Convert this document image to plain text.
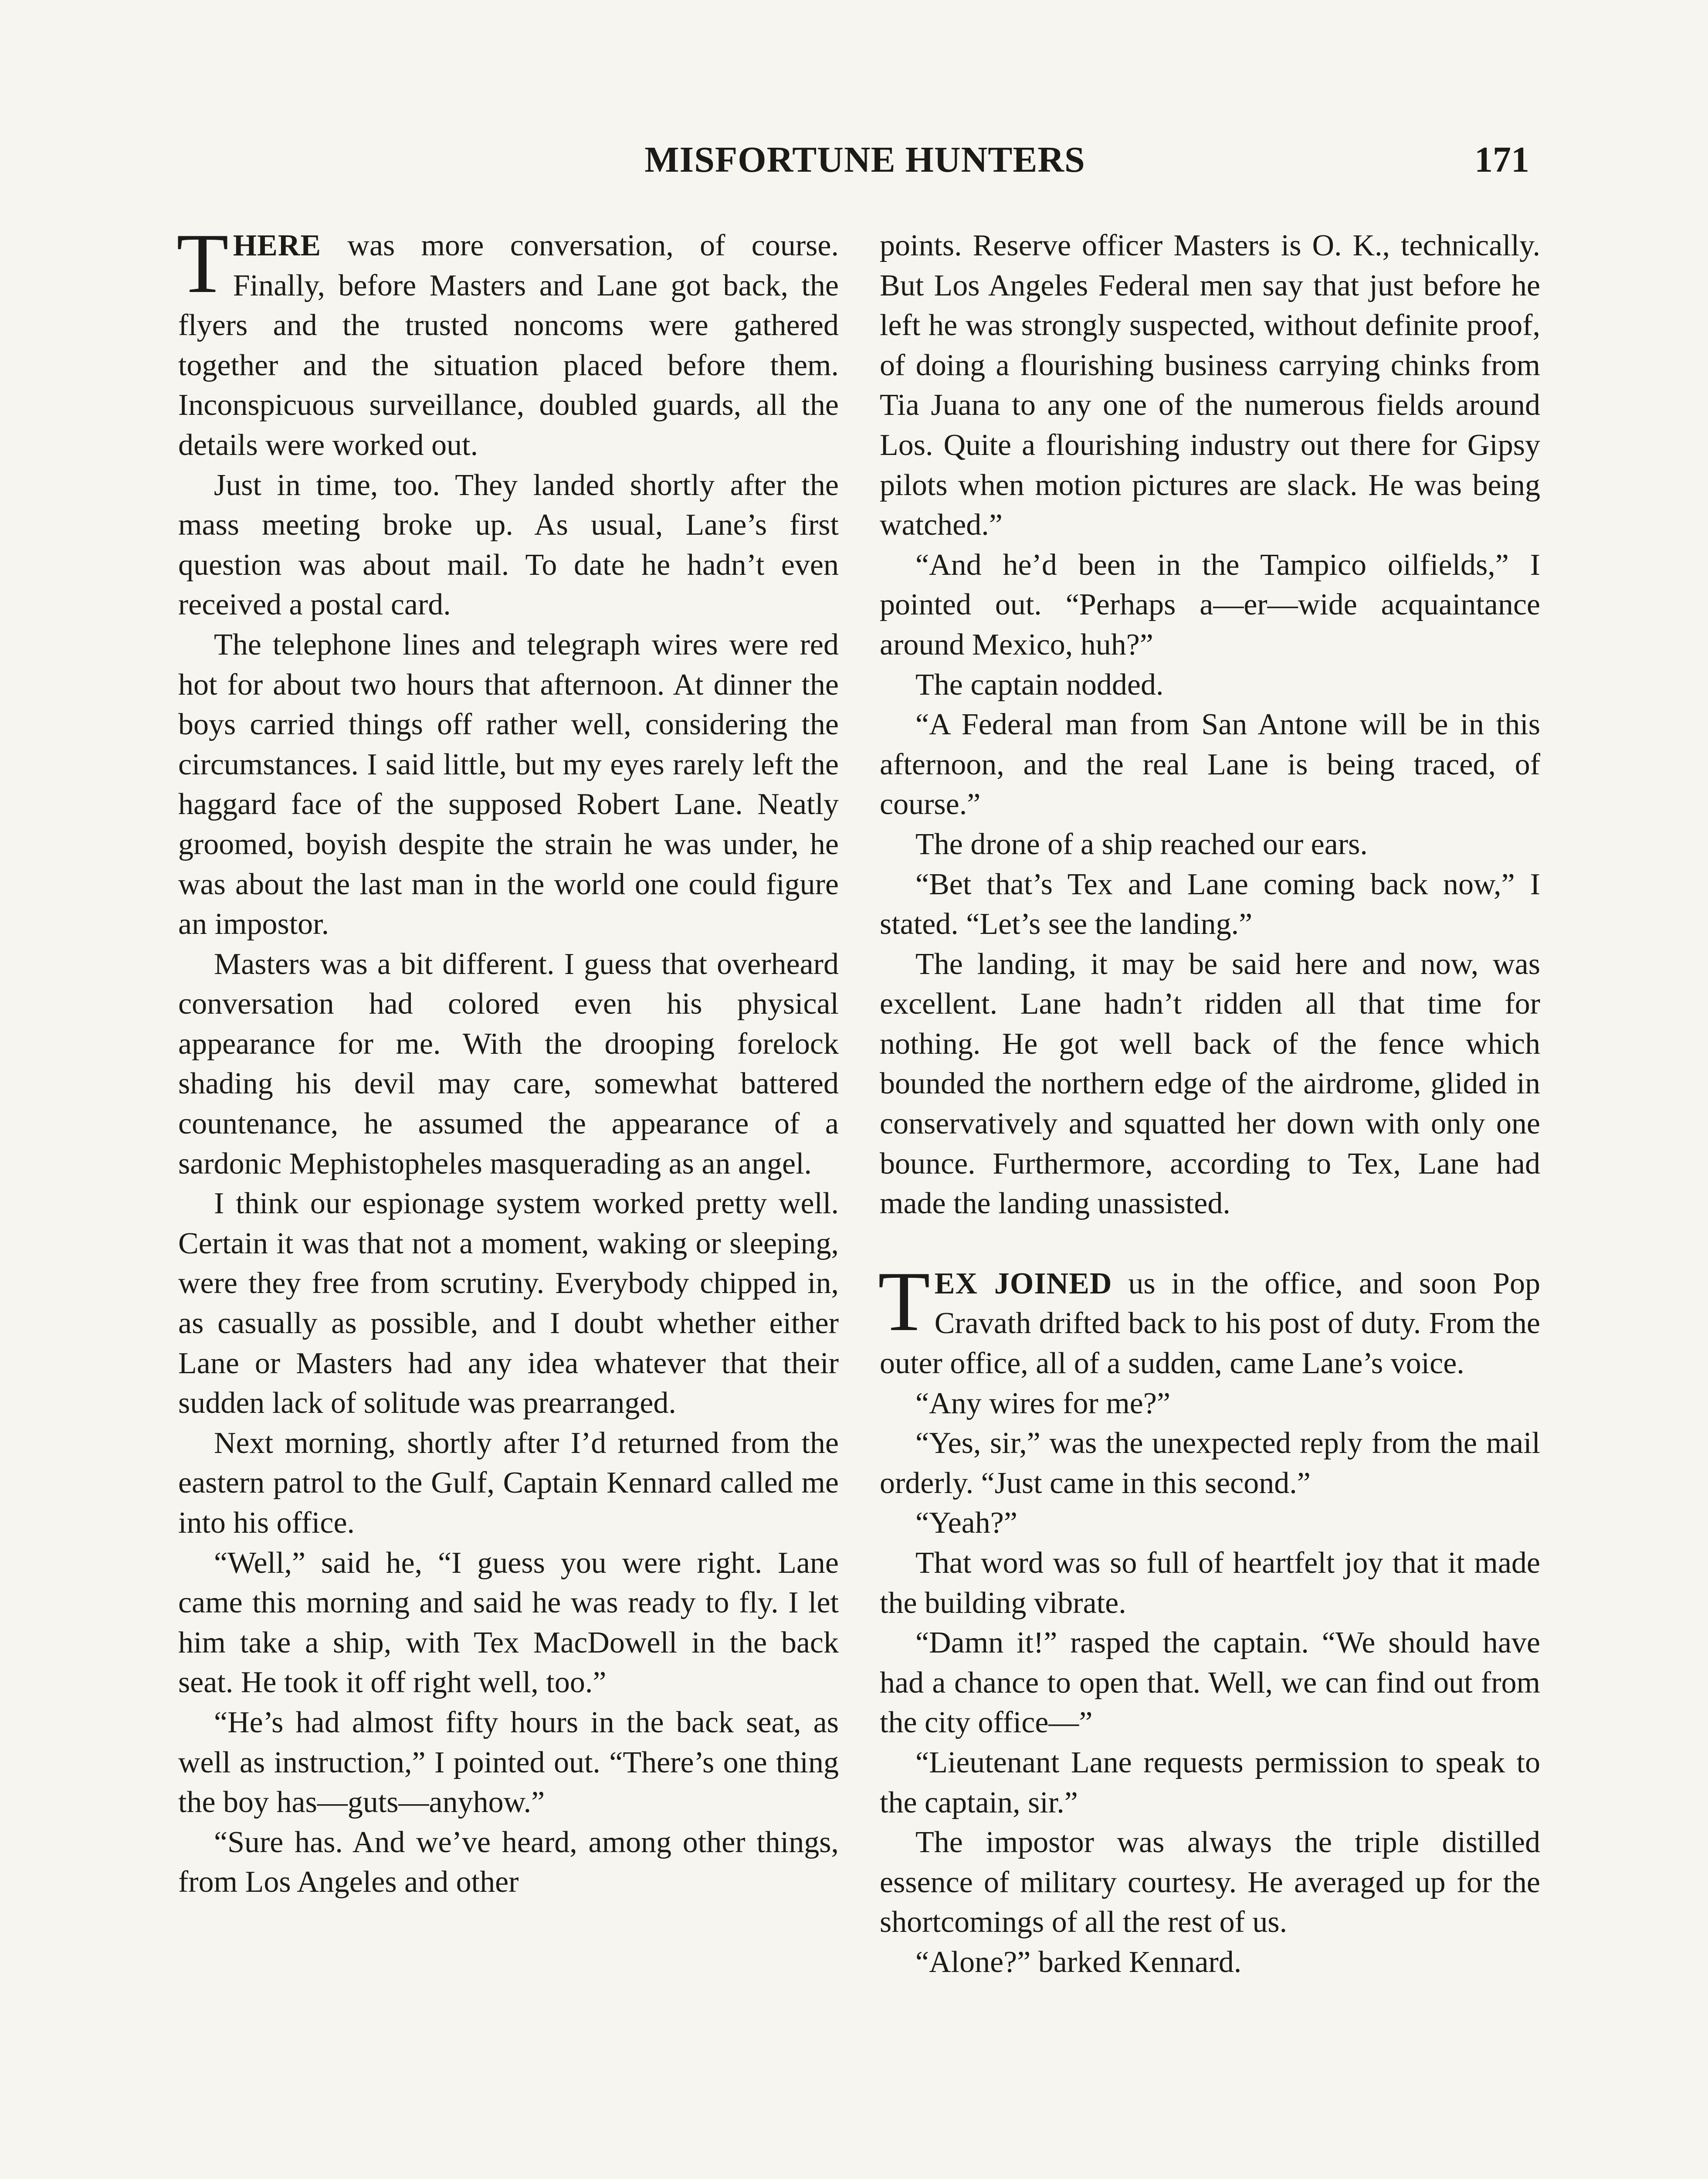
MISFORTUNE HUNTERS	171

THERE was more conversation, of course. Finally, before Masters and Lane got back, the flyers and the trusted noncoms were gathered together and the situation placed before them. Inconspicuous surveillance, doubled guards, all the details were worked out.

Just in time, too. They landed shortly after the mass meeting broke up. As usual, Lane’s first question was about mail. To date he hadn’t even received a postal card.

The telephone lines and telegraph wires were red hot for about two hours that afternoon. At dinner the boys carried things off rather well, considering the circumstances. I said little, but my eyes rarely left the haggard face of the supposed Robert Lane. Neatly groomed, boyish despite the strain he was under, he was about the last man in the world one could figure an impostor.

Masters was a bit different. I guess that overheard conversation had colored even his physical appearance for me. With the drooping forelock shading his devil may care, somewhat battered countenance, he assumed the appearance of a sardonic Mephistopheles masquerading as an angel.

I think our espionage system worked pretty well. Certain it was that not a moment, waking or sleeping, were they free from scrutiny. Everybody chipped in, as casually as possible, and I doubt whether either Lane or Masters had any idea whatever that their sudden lack of solitude was prearranged.

Next morning, shortly after I’d returned from the eastern patrol to the Gulf, Captain Kennard called me into his office.

“Well,” said he, “I guess you were right. Lane came this morning and said he was ready to fly. I let him take a ship, with Tex MacDowell in the back seat. He took it off right well, too.”

“He’s had almost fifty hours in the back seat, as well as instruction,” I pointed out. “There’s one thing the boy has—guts—anyhow.”

“Sure has. And we’ve heard, among other things, from Los Angeles and other

points. Reserve officer Masters is O. K., technically. But Los Angeles Federal men say that just before he left he was strongly suspected, without definite proof, of doing a flourishing business carrying chinks from Tia Juana to any one of the numerous fields around Los. Quite a flourishing industry out there for Gipsy pilots when motion pictures are slack. He was being watched.”

“And he’d been in the Tampico oilfields,” I pointed out. “Perhaps a—er—wide acquaintance around Mexico, huh?”

The captain nodded.

“A Federal man from San Antone will be in this afternoon, and the real Lane is being traced, of course.”

The drone of a ship reached our ears.

“Bet that’s Tex and Lane coming back now,” I stated. “Let’s see the landing.”

The landing, it may be said here and now, was excellent. Lane hadn’t ridden all that time for nothing. He got well back of the fence which bounded the northern edge of the airdrome, glided in conservatively and squatted her down with only one bounce. Furthermore, according to Tex, Lane had made the landing unassisted.

TEX JOINED us in the office, and soon Pop Cravath drifted back to his post of duty. From the outer office, all of a sudden, came Lane’s voice.

“Any wires for me?”

“Yes, sir,” was the unexpected reply from the mail orderly. “Just came in this second.”

“Yeah?”

That word was so full of heartfelt joy that it made the building vibrate.

“Damn it!” rasped the captain. “We should have had a chance to open that. Well, we can find out from the city office—”

“Lieutenant Lane requests permission to speak to the captain, sir.”

The impostor was always the triple distilled essence of military courtesy. He averaged up for the shortcomings of all the rest of us.

“Alone?” barked Kennard.
